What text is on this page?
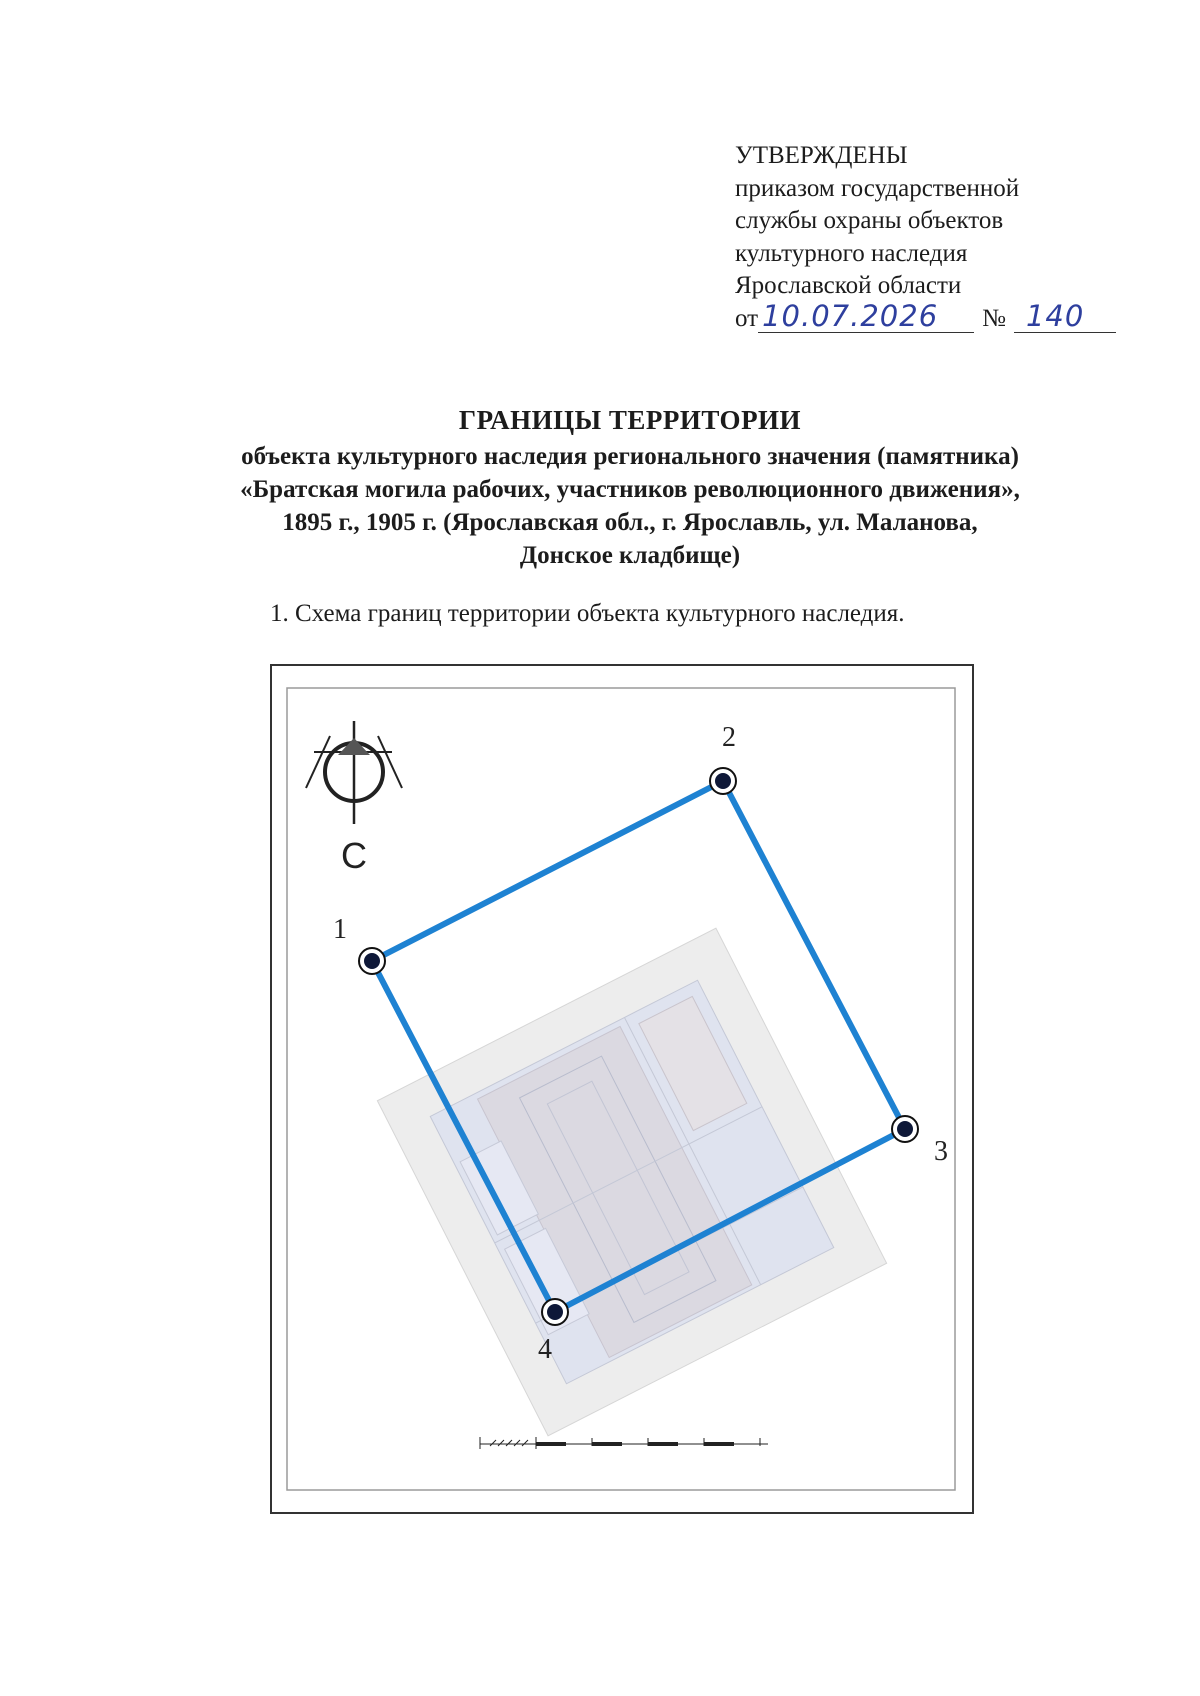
УТВЕРЖДЕНЫ
приказом государственной
службы охраны объектов
культурного наследия
Ярославской области
от 10.07.2026 № 140
ГРАНИЦЫ ТЕРРИТОРИИ
объекта культурного наследия регионального значения (памятника)
«Братская могила рабочих, участников революционного движения»,
1895 г., 1905 г. (Ярославская обл., г. Ярославль, ул. Маланова,
Донское кладбище)
1. Схема границ территории объекта культурного наследия.
С
1
2
3
4
